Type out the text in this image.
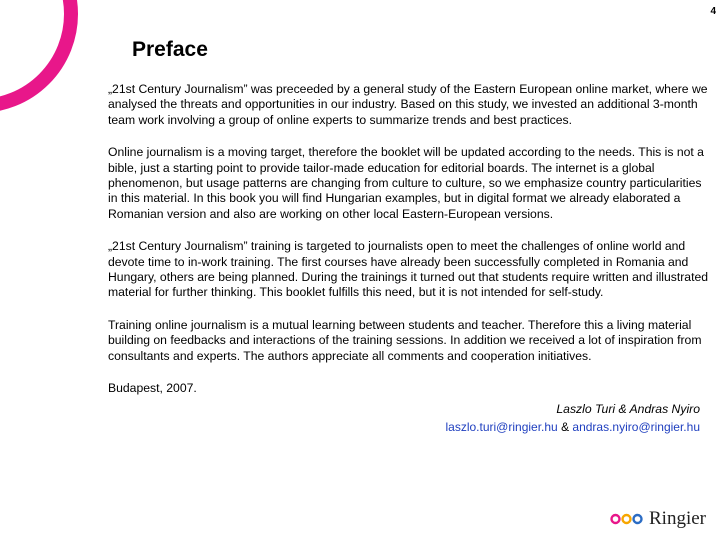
4
Preface

„21st Century Journalism” was preceeded by a general study of the Eastern European online market, where we analysed the threats and opportunities in our industry. Based on this study, we invested an additional 3-month team work involving a group of online experts to summarize trends and best practices.

Online journalism is a moving target, therefore the booklet will be updated according to the needs. This is not a bible, just a starting point to provide tailor-made education for editorial boards. The internet is a global phenomenon, but usage patterns are changing from culture to culture, so we emphasize country particularities in this material. In this book you will find Hungarian examples, but in digital format we already elaborated a Romanian version and also are working on other local Eastern-European versions.

„21st Century Journalism” training is targeted to journalists open to meet the challenges of online world and devote time to in-work training. The first courses have already been successfully completed in Romania and Hungary, others are being planned. During the trainings it turned out that students require written and illustrated material for further thinking. This booklet fulfills this need, but it is not intended for self-study.

Training online journalism is a mutual learning between students and teacher. Therefore this a living material building on feedbacks and interactions of the training sessions. In addition we received a lot of inspiration from consultants and experts. The authors appreciate all comments and cooperation initiatives.

Budapest, 2007.

Laszlo Turi & Andras Nyiro
laszlo.turi@ringier.hu & andras.nyiro@ringier.hu
Ringier
